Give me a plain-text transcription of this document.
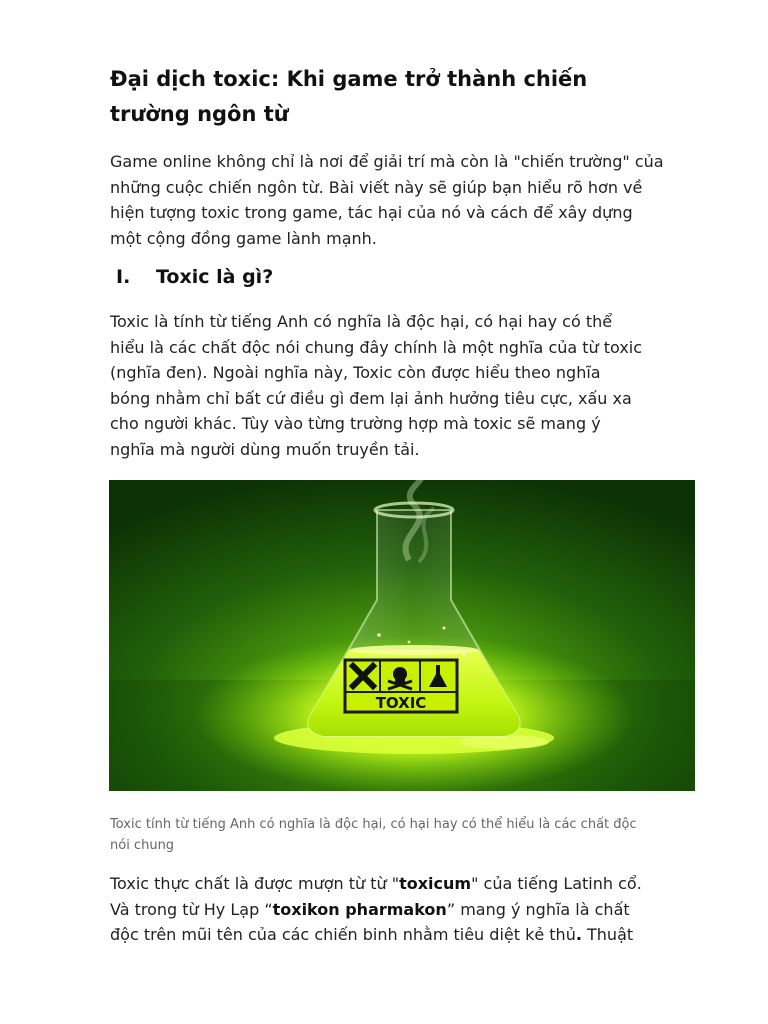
Đại dịch toxic: Khi game trở thành chiến
trường ngôn từ

Game online không chỉ là nơi để giải trí mà còn là "chiến trường" của
những cuộc chiến ngôn từ. Bài viết này sẽ giúp bạn hiểu rõ hơn về
hiện tượng toxic trong game, tác hại của nó và cách để xây dựng
một cộng đồng game lành mạnh.

I.	Toxic là gì?

Toxic là tính từ tiếng Anh có nghĩa là độc hại, có hại hay có thể
hiểu là các chất độc nói chung đây chính là một nghĩa của từ toxic
(nghĩa đen). Ngoài nghĩa này, Toxic còn được hiểu theo nghĩa
bóng nhằm chỉ bất cứ điều gì đem lại ảnh hưởng tiêu cực, xấu xa
cho người khác. Tùy vào từng trường hợp mà toxic sẽ mang ý
nghĩa mà người dùng muốn truyền tải.

TOXIC

Toxic tính từ tiếng Anh có nghĩa là độc hại, có hại hay có thể hiểu là các chất độc
nói chung

Toxic thực chất là được mượn từ từ "toxicum" của tiếng Latinh cổ.
Và trong từ Hy Lạp “toxikon pharmakon” mang ý nghĩa là chất
độc trên mũi tên của các chiến binh nhằm tiêu diệt kẻ thủ. Thuật
